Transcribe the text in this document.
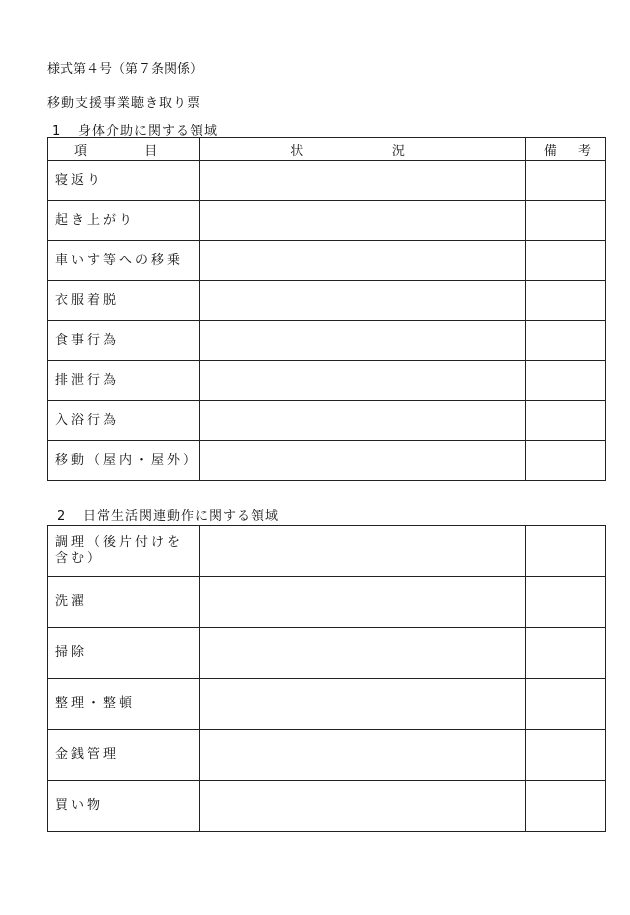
様式第４号（第７条関係）
移動支援事業聴き取り票
1 身体介助に関する領域
項 目	状 況	備 考

寝返り		
起き上がり		
車いす等への移乗		
衣服着脱		
食事行為		
排泄行為		
入浴行為		
移動（屋内・屋外）		
2 日常生活関連動作に関する領域
調理（後片付けを含む）		
洗濯		
掃除		
整理・整頓		
金銭管理		
買い物		
